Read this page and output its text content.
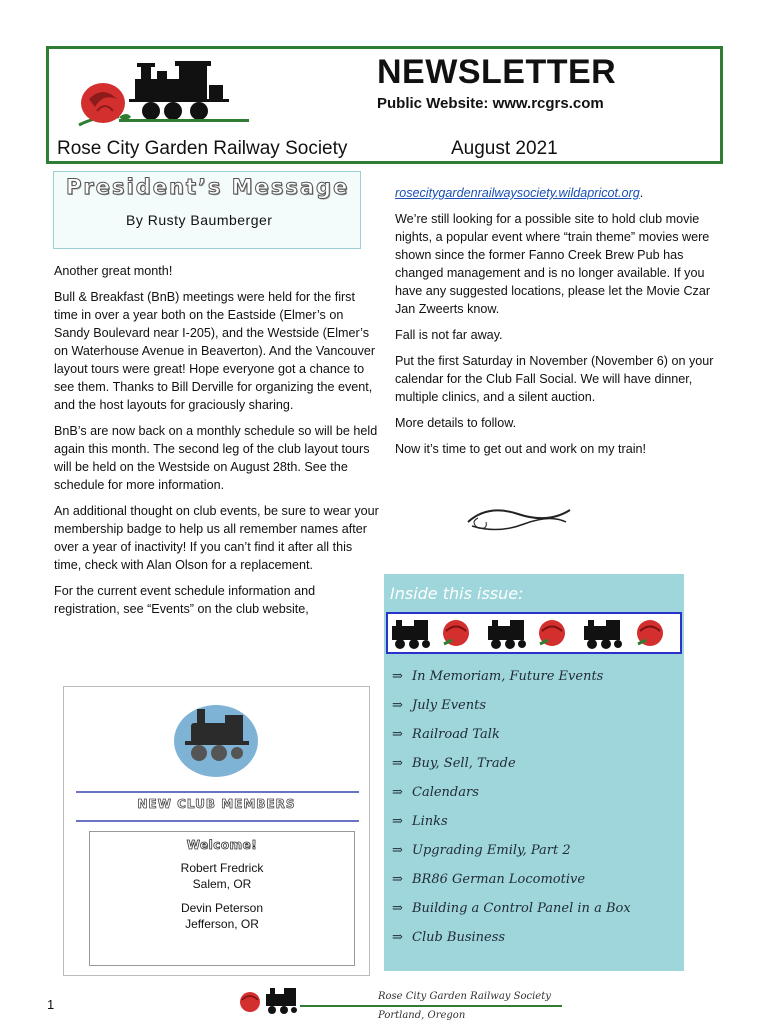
NEWSLETTER
Public Website: www.rcgrs.com
Rose City Garden Railway Society	August 2021
President’s Message
By Rusty Baumberger

Another great month!

Bull & Breakfast (BnB) meetings were held for the first time in over a year both on the Eastside (Elmer’s on Sandy Boulevard near I-205), and the Westside (Elmer’s on Waterhouse Avenue in Beaverton). And the Vancouver layout tours were great! Hope everyone got a chance to see them. Thanks to Bill Derville for organizing the event, and the host layouts for graciously sharing.

BnB’s are now back on a monthly schedule so will be held again this month. The second leg of the club layout tours will be held on the Westside on August 28th. See the schedule for more information.

An additional thought on club events, be sure to wear your membership badge to help us all remember names after over a year of inactivity! If you can’t find it after all this time, check with Alan Olson for a replacement.

For the current event schedule information and registration, see “Events” on the club website,

rosecitygardenrailwaysociety.wildapricot.org.

We’re still looking for a possible site to hold club movie nights, a popular event where “train theme” movies were shown since the former Fanno Creek Brew Pub has changed management and is no longer available. If you have any suggested locations, please let the Movie Czar Jan Zweerts know.

Fall is not far away.

Put the first Saturday in November (November 6) on your calendar for the Club Fall Social. We will have dinner, multiple clinics, and a silent auction.

More details to follow.

Now it’s time to get out and work on my train!

NEW CLUB MEMBERS
Welcome!
Robert Fredrick
Salem, OR
Devin Peterson
Jefferson, OR
Inside this issue:
⇒ In Memoriam, Future Events
⇒ July Events
⇒ Railroad Talk
⇒ Buy, Sell, Trade
⇒ Calendars
⇒ Links
⇒ Upgrading Emily, Part 2
⇒ BR86 German Locomotive
⇒ Building a Control Panel in a Box
⇒ Club Business
1
Rose City Garden Railway Society
Portland, Oregon
